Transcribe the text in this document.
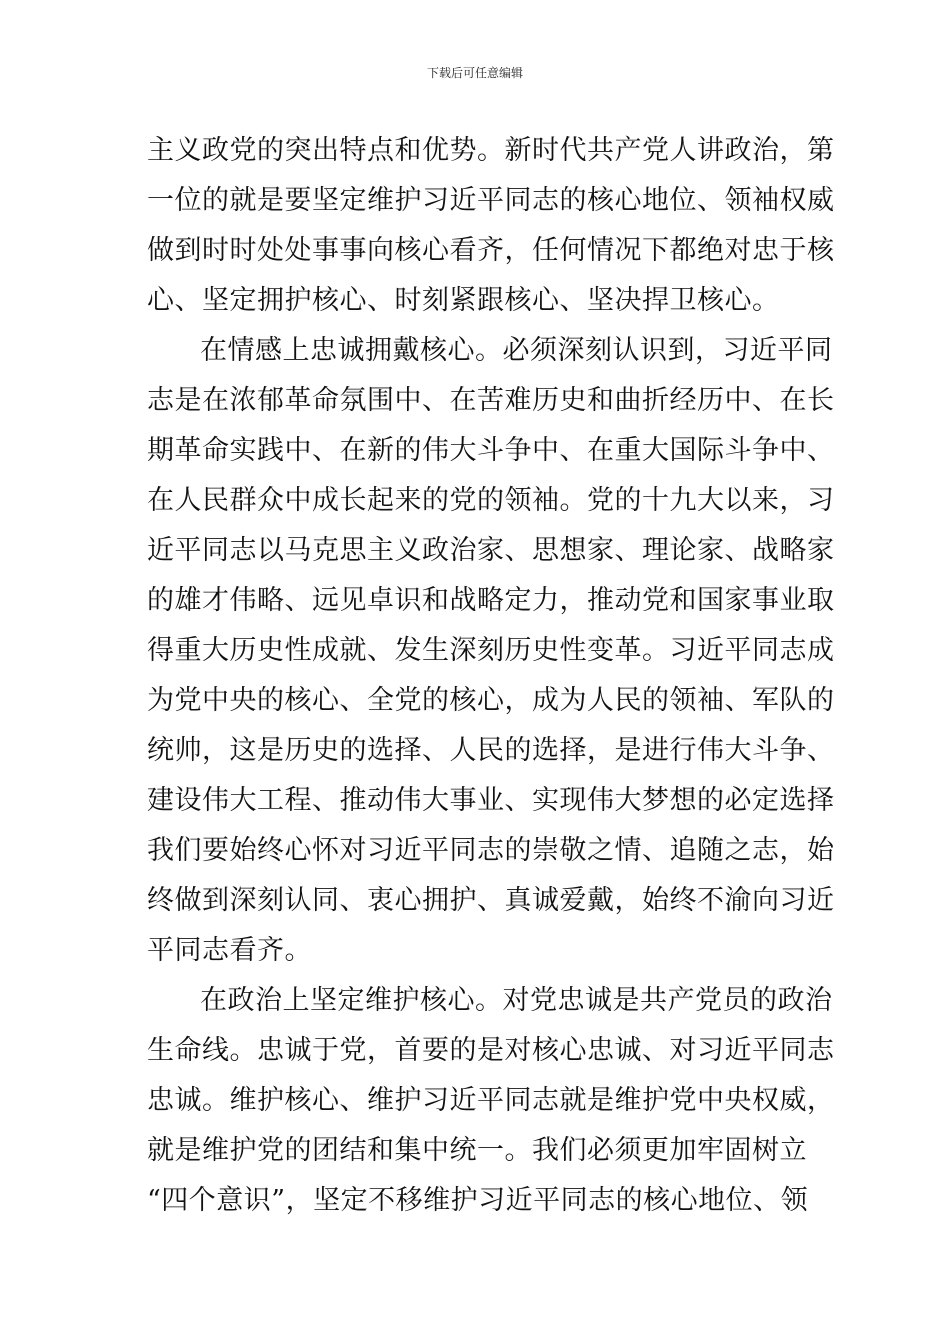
下载后可任意编辑
主义政党的突出特点和优势。新时代共产党人讲政治，第
一位的就是要坚定维护习近平同志的核心地位、领袖权威
做到时时处处事事向核心看齐，任何情况下都绝对忠于核
心、坚定拥护核心、时刻紧跟核心、坚决捍卫核心。
在情感上忠诚拥戴核心。必须深刻认识到，习近平同
志是在浓郁革命氛围中、在苦难历史和曲折经历中、在长
期革命实践中、在新的伟大斗争中、在重大国际斗争中、
在人民群众中成长起来的党的领袖。党的十九大以来，习
近平同志以马克思主义政治家、思想家、理论家、战略家
的雄才伟略、远见卓识和战略定力，推动党和国家事业取
得重大历史性成就、发生深刻历史性变革。习近平同志成
为党中央的核心、全党的核心，成为人民的领袖、军队的
统帅，这是历史的选择、人民的选择，是进行伟大斗争、
建设伟大工程、推动伟大事业、实现伟大梦想的必定选择
我们要始终心怀对习近平同志的崇敬之情、追随之志，始
终做到深刻认同、衷心拥护、真诚爱戴，始终不渝向习近
平同志看齐。
在政治上坚定维护核心。对党忠诚是共产党员的政治
生命线。忠诚于党，首要的是对核心忠诚、对习近平同志
忠诚。维护核心、维护习近平同志就是维护党中央权威，
就是维护党的团结和集中统一。我们必须更加牢固树立
“四个意识”，坚定不移维护习近平同志的核心地位、领
